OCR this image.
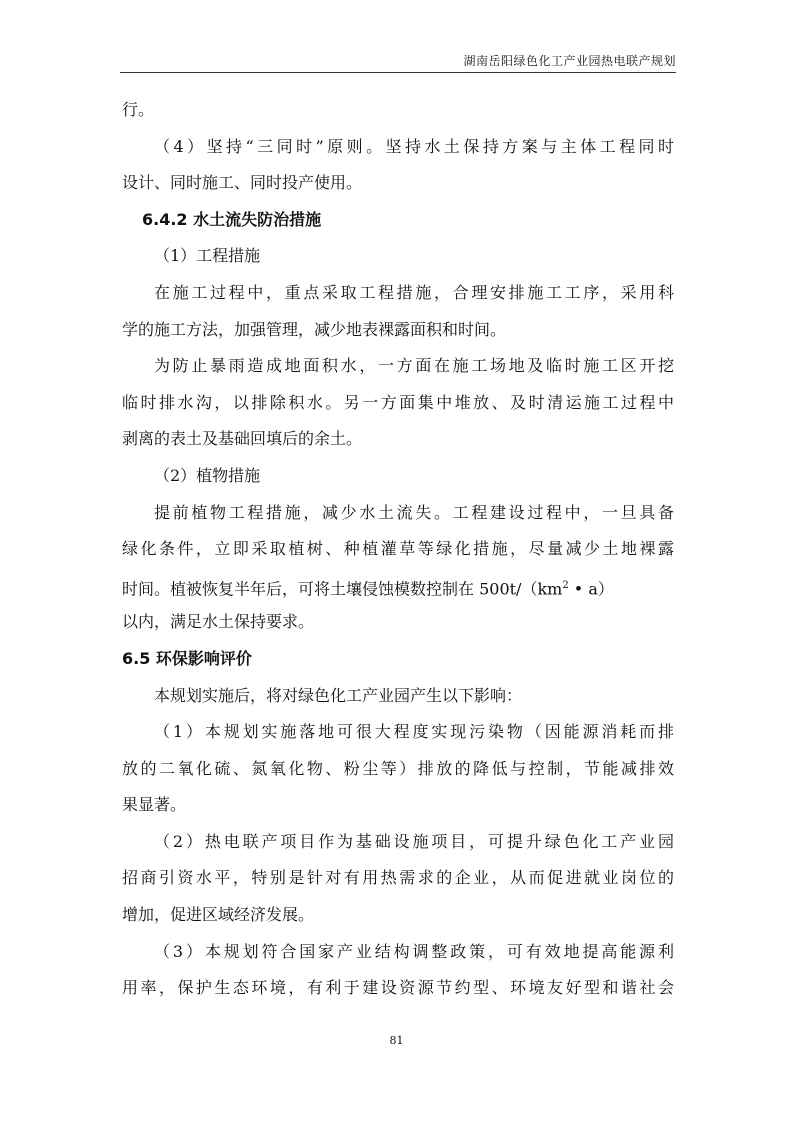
湖南岳阳绿色化工产业园热电联产规划
行。
（4）坚持“三同时”原则。坚持水土保持方案与主体工程同时
设计、同时施工、同时投产使用。
6.4.2 水土流失防治措施
（1）工程措施
在施工过程中，重点采取工程措施，合理安排施工工序，采用科
学的施工方法，加强管理，减少地表裸露面积和时间。
为防止暴雨造成地面积水，一方面在施工场地及临时施工区开挖
临时排水沟，以排除积水。另一方面集中堆放、及时清运施工过程中
剥离的表土及基础回填后的余土。
（2）植物措施
提前植物工程措施，减少水土流失。工程建设过程中，一旦具备
绿化条件，立即采取植树、种植灌草等绿化措施，尽量减少土地裸露
时间。植被恢复半年后，可将土壤侵蚀模数控制在 $500t/(km^2$ • a）
以内，满足水土保持要求。
6.5 环保影响评价
本规划实施后，将对绿色化工产业园产生以下影响：
（1）本规划实施落地可很大程度实现污染物（因能源消耗而排
放的二氧化硫、氮氧化物、粉尘等）排放的降低与控制，节能减排效
果显著。
（2）热电联产项目作为基础设施项目，可提升绿色化工产业园
招商引资水平，特别是针对有用热需求的企业，从而促进就业岗位的
增加，促进区域经济发展。
（3）本规划符合国家产业结构调整政策，可有效地提高能源利
用率，保护生态环境，有利于建设资源节约型、环境友好型和谐社会
81
